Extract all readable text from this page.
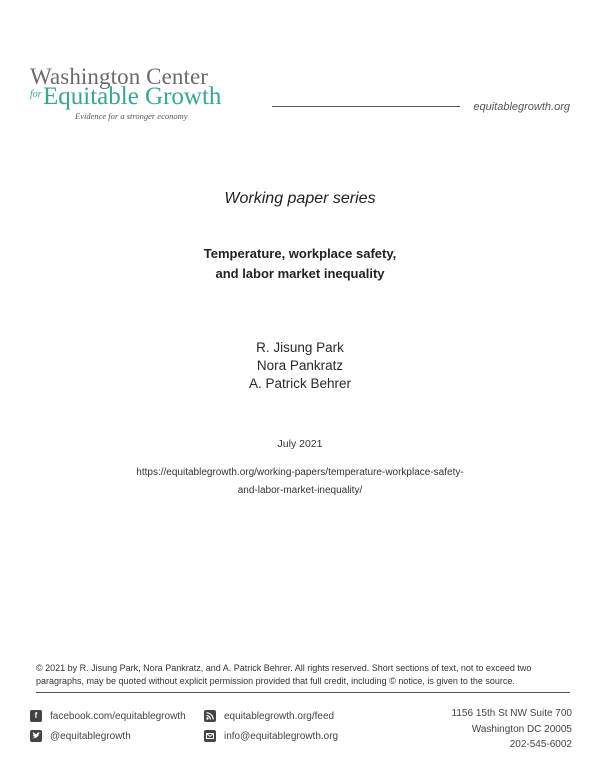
Washington Center
for Equitable Growth
Evidence for a stronger economy
equitablegrowth.org
Working paper series
Temperature, workplace safety,
and labor market inequality
R. Jisung Park
Nora Pankratz
A. Patrick Behrer
July 2021
https://equitablegrowth.org/working-papers/temperature-workplace-safety-
and-labor-market-inequality/
© 2021 by R. Jisung Park, Nora Pankratz, and A. Patrick Behrer. All rights reserved. Short sections of text, not to exceed two paragraphs, may be quoted without explicit permission provided that full credit, including © notice, is given to the source.
f	facebook.com/equitablegrowth
@equitablegrowth
equitablegrowth.org/feed
info@equitablegrowth.org
1156 15th St NW Suite 700
Washington DC 20005
202-545-6002
